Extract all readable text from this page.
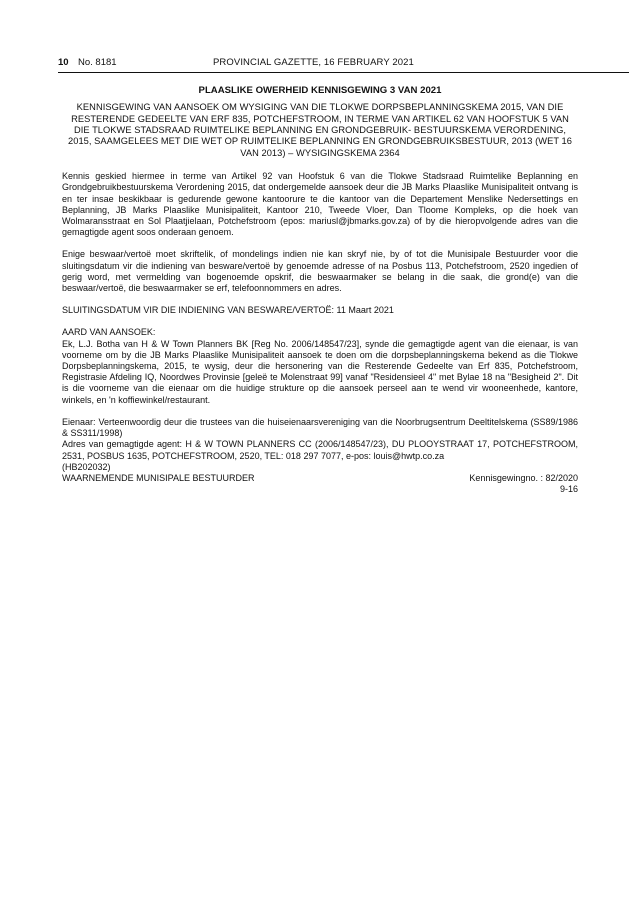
10 No. 8181	PROVINCIAL GAZETTE, 16 FEBRUARY 2021
PLAASLIKE OWERHEID KENNISGEWING 3 VAN 2021
KENNISGEWING VAN AANSOEK OM WYSIGING VAN DIE TLOKWE DORPSBEPLANNINGSKEMA 2015, VAN DIE RESTERENDE GEDEELTE VAN ERF 835, POTCHEFSTROOM, IN TERME VAN ARTIKEL 62 VAN HOOFSTUK 5 VAN DIE TLOKWE STADSRAAD RUIMTELIKE BEPLANNING EN GRONDGEBRUIK- BESTUURSKEMA VERORDENING, 2015, SAAMGELEES MET DIE WET OP RUIMTELIKE BEPLANNING EN GRONDGEBRUIKSBESTUUR, 2013 (WET 16 VAN 2013) – WYSIGINGSKEMA 2364

Kennis geskied hiermee in terme van Artikel 92 van Hoofstuk 6 van die Tlokwe Stadsraad Ruimtelike Beplanning en Grondgebruikbestuurskema Verordening 2015, dat ondergemelde aansoek deur die JB Marks Plaaslike Munisipaliteit ontvang is en ter insae beskikbaar is gedurende gewone kantoorure te die kantoor van die Departement Menslike Nedersettings en Beplanning, JB Marks Plaaslike Munisipaliteit, Kantoor 210, Tweede Vloer, Dan Tloome Kompleks, op die hoek van Wolmaransstraat en Sol Plaatjielaan, Potchefstroom (epos: mariusl@jbmarks.gov.za) of by die hieropvolgende adres van die gemagtigde agent soos onderaan genoem.

Enige beswaar/vertoë moet skriftelik, of mondelings indien nie kan skryf nie, by of tot die Munisipale Bestuurder voor die sluitingsdatum vir die indiening van besware/vertoë by genoemde adresse of na Posbus 113, Potchefstroom, 2520 ingedien of gerig word, met vermelding van bogenoemde opskrif, die beswaarmaker se belang in die saak, die grond(e) van die beswaar/vertoë, die beswaarmaker se erf, telefoonnommers en adres.

SLUITINGSDATUM VIR DIE INDIENING VAN BESWARE/VERTOË: 11 Maart 2021

AARD VAN AANSOEK:

Ek, L.J. Botha van H & W Town Planners BK [Reg No. 2006/148547/23], synde die gemagtigde agent van die eienaar, is van voorneme om by die JB Marks Plaaslike Munisipaliteit aansoek te doen om die dorpsbeplanningskema bekend as die Tlokwe Dorpsbeplanningskema, 2015, te wysig, deur die hersonering van die Resterende Gedeelte van Erf 835, Potchefstroom, Registrasie Afdeling IQ, Noordwes Provinsie [geleë te Molenstraat 99] vanaf "Residensieel 4" met Bylae 18 na "Besigheid 2". Dit is die voorneme van die eienaar om die huidige strukture op die aansoek perseel aan te wend vir wooneenhede, kantore, winkels, en 'n koffiewinkel/restaurant.

Eienaar: Verteenwoordig deur die trustees van die huiseienaarsvereniging van die Noorbrugsentrum Deeltitelskema (SS89/1986 & SS311/1998)

Adres van gemagtigde agent: H & W TOWN PLANNERS CC (2006/148547/23), DU PLOOYSTRAAT 17, POTCHEFSTROOM, 2531, POSBUS 1635, POTCHEFSTROOM, 2520, TEL: 018 297 7077, e-pos: louis@hwtp.co.za

(HB202032)

WAARNEMENDE MUNISIPALE BESTUURDER	Kennisgewingno. : 82/2020
9-16
